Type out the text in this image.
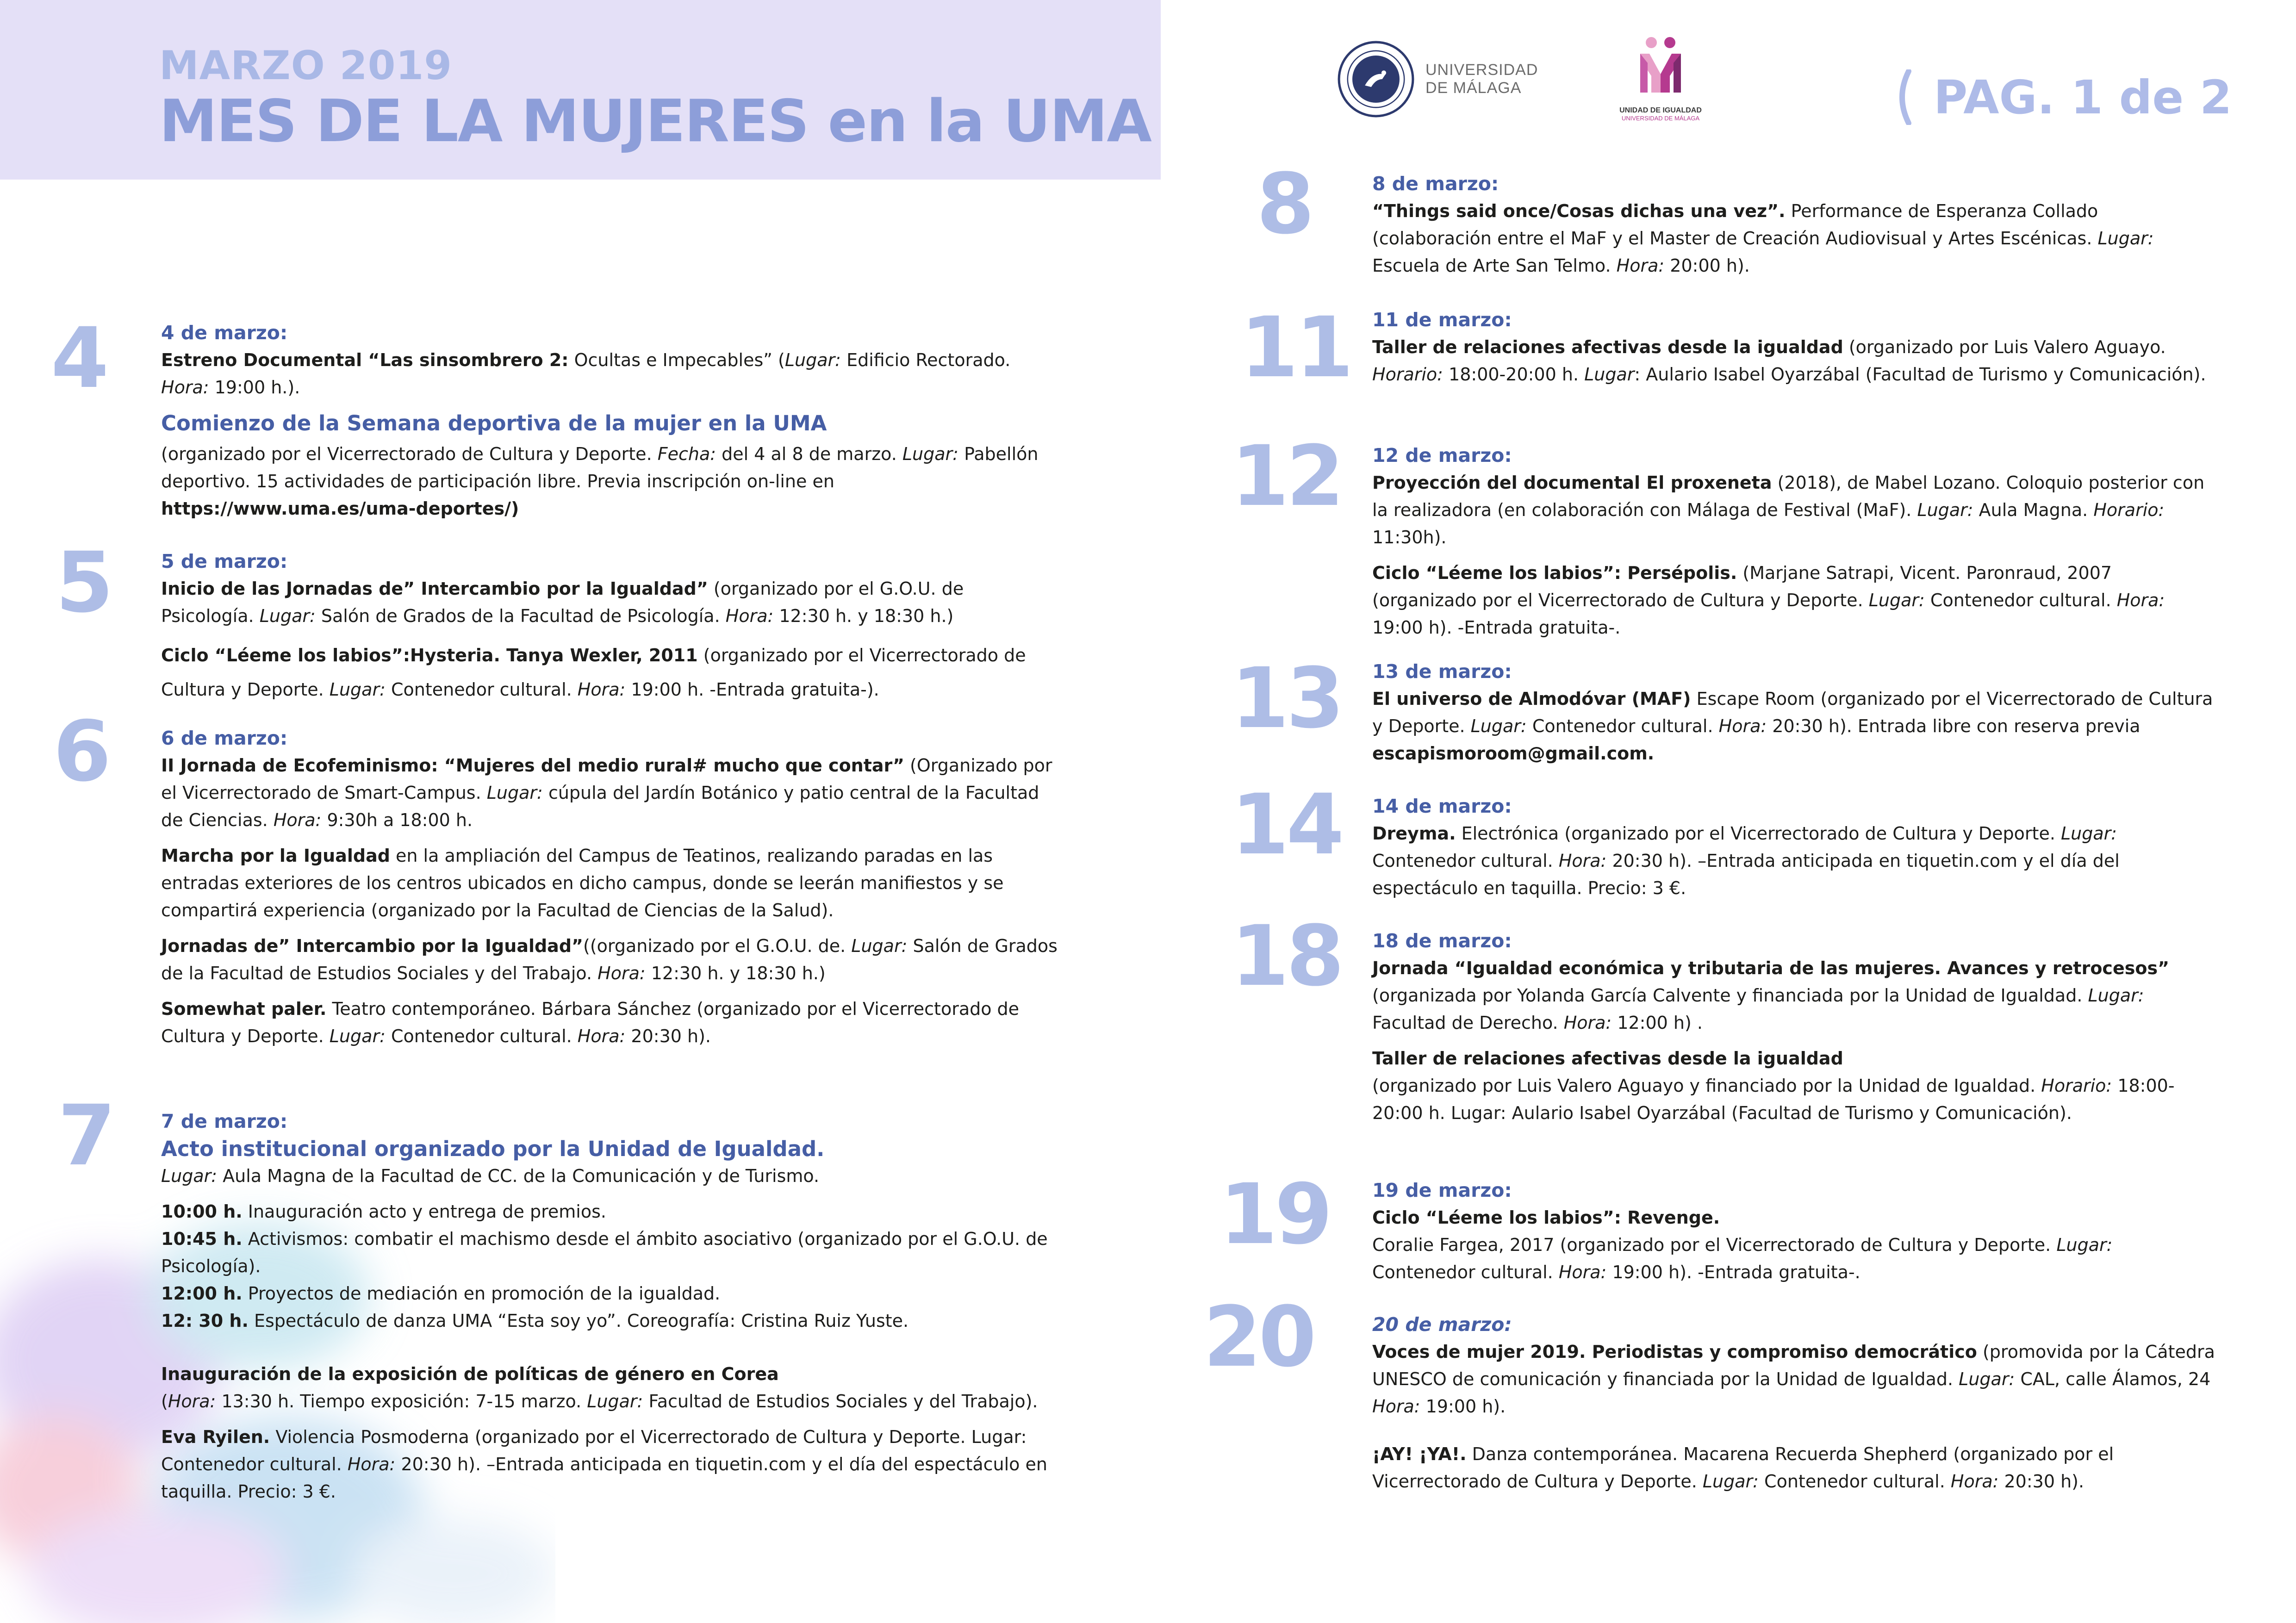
MARZO 2019
MES DE LA MUJERES en la UMA
UNIVERSIDAD
DE MÁLAGA
UNIDAD DE IGUALDAD
UNIVERSIDAD DE MÁLAGA	PAG. 1 de 2
4	4 de marzo:

Estreno Documental “Las sinsombrero 2: Ocultas e Impecables” (Lugar: Edificio Rectorado. Hora: 19:00 h.).

Comienzo de la Semana deportiva de la mujer en la UMA

(organizado por el Vicerrectorado de Cultura y Deporte. Fecha: del 4 al 8 de marzo. Lugar: Pabellón deportivo. 15 actividades de participación libre. Previa inscripción on-line en https://www.uma.es/uma-deportes/)

5	5 de marzo:

Inicio de las Jornadas de” Intercambio por la Igualdad” (organizado por el G.O.U. de Psicología. Lugar: Salón de Grados de la Facultad de Psicología. Hora: 12:30 h. y 18:30 h.)

Ciclo “Léeme los labios”:Hysteria. Tanya Wexler, 2011 (organizado por el Vicerrectorado de Cultura y Deporte. Lugar: Contenedor cultural. Hora: 19:00 h. -Entrada gratuita-).

6	6 de marzo:

II Jornada de Ecofeminismo: “Mujeres del medio rural# mucho que contar” (Organizado por el Vicerrectorado de Smart-Campus. Lugar: cúpula del Jardín Botánico y patio central de la Facultad de Ciencias. Hora: 9:30h a 18:00 h.

Marcha por la Igualdad en la ampliación del Campus de Teatinos, realizando paradas en las entradas exteriores de los centros ubicados en dicho campus, donde se leerán manifiestos y se compartirá experiencia (organizado por la Facultad de Ciencias de la Salud).

Jornadas de” Intercambio por la Igualdad”((organizado por el G.O.U. de. Lugar: Salón de Grados de la Facultad de Estudios Sociales y del Trabajo. Hora: 12:30 h. y 18:30 h.)

Somewhat paler. Teatro contemporáneo. Bárbara Sánchez (organizado por el Vicerrectorado de Cultura y Deporte. Lugar: Contenedor cultural. Hora: 20:30 h).

7	7 de marzo:
Acto institucional organizado por la Unidad de Igualdad.

Lugar: Aula Magna de la Facultad de CC. de la Comunicación y de Turismo.

10:00 h. Inauguración acto y entrega de premios.
10:45 h. Activismos: combatir el machismo desde el ámbito asociativo (organizado por el G.O.U. de Psicología).
12:00 h. Proyectos de mediación en promoción de la igualdad.
12: 30 h. Espectáculo de danza UMA “Esta soy yo”. Coreografía: Cristina Ruiz Yuste.

Inauguración de la exposición de políticas de género en Corea
(Hora: 13:30 h. Tiempo exposición: 7-15 marzo. Lugar: Facultad de Estudios Sociales y del Trabajo).

Eva Ryilen. Violencia Posmoderna (organizado por el Vicerrectorado de Cultura y Deporte. Lugar: Contenedor cultural. Hora: 20:30 h). –Entrada anticipada en tiquetin.com y el día del espectáculo en taquilla. Precio: 3 €.

8	8 de marzo:

“Things said once/Cosas dichas una vez”. Performance de Esperanza Collado (colaboración entre el MaF y el Master de Creación Audiovisual y Artes Escénicas. Lugar: Escuela de Arte San Telmo. Hora: 20:00 h).

11 11 de marzo:

Taller de relaciones afectivas desde la igualdad (organizado por Luis Valero Aguayo. Horario: 18:00-20:00 h. Lugar: Aulario Isabel Oyarzábal (Facultad de Turismo y Comunicación).

12 12 de marzo:

Proyección del documental El proxeneta (2018), de Mabel Lozano. Coloquio posterior con la realizadora (en colaboración con Málaga de Festival (MaF). Lugar: Aula Magna. Horario: 11:30h).

Ciclo “Léeme los labios”: Persépolis. (Marjane Satrapi, Vicent. Paronraud, 2007 (organizado por el Vicerrectorado de Cultura y Deporte. Lugar: Contenedor cultural. Hora: 19:00 h). -Entrada gratuita-.

13 13 de marzo:

El universo de Almodóvar (MAF) Escape Room (organizado por el Vicerrectorado de Cultura y Deporte. Lugar: Contenedor cultural. Hora: 20:30 h). Entrada libre con reserva previa escapismoroom@gmail.com.

14 14 de marzo:

Dreyma. Electrónica (organizado por el Vicerrectorado de Cultura y Deporte. Lugar: Contenedor cultural. Hora: 20:30 h). –Entrada anticipada en tiquetin.com y el día del espectáculo en taquilla. Precio: 3 €.

18 18 de marzo:

Jornada “Igualdad económica y tributaria de las mujeres. Avances y retrocesos” (organizada por Yolanda García Calvente y financiada por la Unidad de Igualdad. Lugar: Facultad de Derecho. Hora: 12:00 h) .

Taller de relaciones afectivas desde la igualdad
(organizado por Luis Valero Aguayo y financiado por la Unidad de Igualdad. Horario: 18:00-20:00 h. Lugar: Aulario Isabel Oyarzábal (Facultad de Turismo y Comunicación).

19 19 de marzo:

Ciclo “Léeme los labios”: Revenge.
Coralie Fargea, 2017 (organizado por el Vicerrectorado de Cultura y Deporte. Lugar: Contenedor cultural. Hora: 19:00 h). -Entrada gratuita-.

20	20 de marzo:

Voces de mujer 2019. Periodistas y compromiso democrático (promovida por la Cátedra UNESCO de comunicación y financiada por la Unidad de Igualdad. Lugar: CAL, calle Álamos, 24 Hora: 19:00 h).

¡AY! ¡YA!. Danza contemporánea. Macarena Recuerda Shepherd (organizado por el Vicerrectorado de Cultura y Deporte. Lugar: Contenedor cultural. Hora: 20:30 h).
